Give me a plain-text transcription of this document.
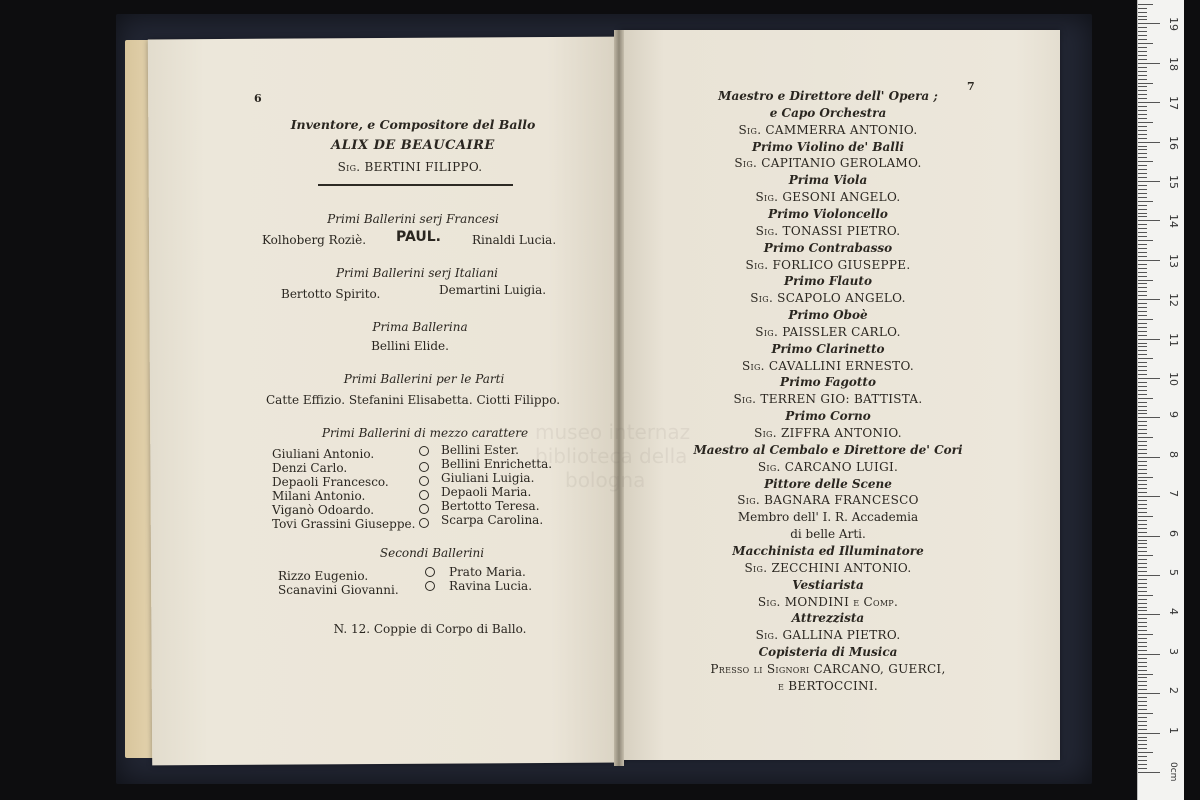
6
Inventore, e Compositore del Ballo
ALIX DE BEAUCAIRE
Sig. BERTINI FILIPPO.
Primi Ballerini serj Francesi
Kolhoberg Roziè. PAUL.	Rinaldi Lucia.
Primi Ballerini serj Italiani
Bertotto Spirito.	Demartini Luigia.
Prima Ballerina
Bellini Elide.
Primi Ballerini per le Parti
Catte Effizio. Stefanini Elisabetta. Ciotti Filippo.
Primi Ballerini di mezzo carattere
Giuliani Antonio.
Denzi Carlo.
Depaoli Francesco.
Milani Antonio.
Viganò Odoardo.
Tovi Grassini Giuseppe.
Bellini Ester.
Bellini Enrichetta.
Giuliani Luigia.
Depaoli Maria.
Bertotto Teresa.
Scarpa Carolina.
Secondi Ballerini
Rizzo Eugenio.
Scanavini Giovanni.
Prato Maria.
Ravina Lucia.
N. 12. Coppie di Corpo di Ballo.
7
Maestro e Direttore dell' Opera ;
e Capo Orchestra
Sig. CAMMERRA ANTONIO.
Primo Violino de' Balli
Sig. CAPITANIO GEROLAMO.
Prima Viola
Sig. GESONI ANGELO.
Primo Violoncello
Sig. TONASSI PIETRO.
Primo Contrabasso
Sig. FORLICO GIUSEPPE.
Primo Flauto
Sig. SCAPOLO ANGELO.
Primo Oboè
Sig. PAISSLER CARLO.
Primo Clarinetto
Sig. CAVALLINI ERNESTO.
Primo Fagotto
Sig. TERREN GIO: BATTISTA.
Primo Corno
Sig. ZIFFRA ANTONIO.
Maestro al Cembalo e Direttore de' Cori
Sig. CARCANO LUIGI.
Pittore delle Scene
Sig. BAGNARA FRANCESCO
Membro dell' I. R. Accademia
di belle Arti.
Macchinista ed Illuminatore
Sig. ZECCHINI ANTONIO.
Vestiarista
Sig. MONDINI e Comp.
Attrezzista
Sig. GALLINA PIETRO.
Copisteria di Musica
Presso li Signori CARCANO, GUERCI,
e BERTOCCINI.
museo internaz
biblioteca della
bologna
0cm
1
2
3
4
5
6
7
8
9
10
11
12
13
14
15
16
17
18
19
